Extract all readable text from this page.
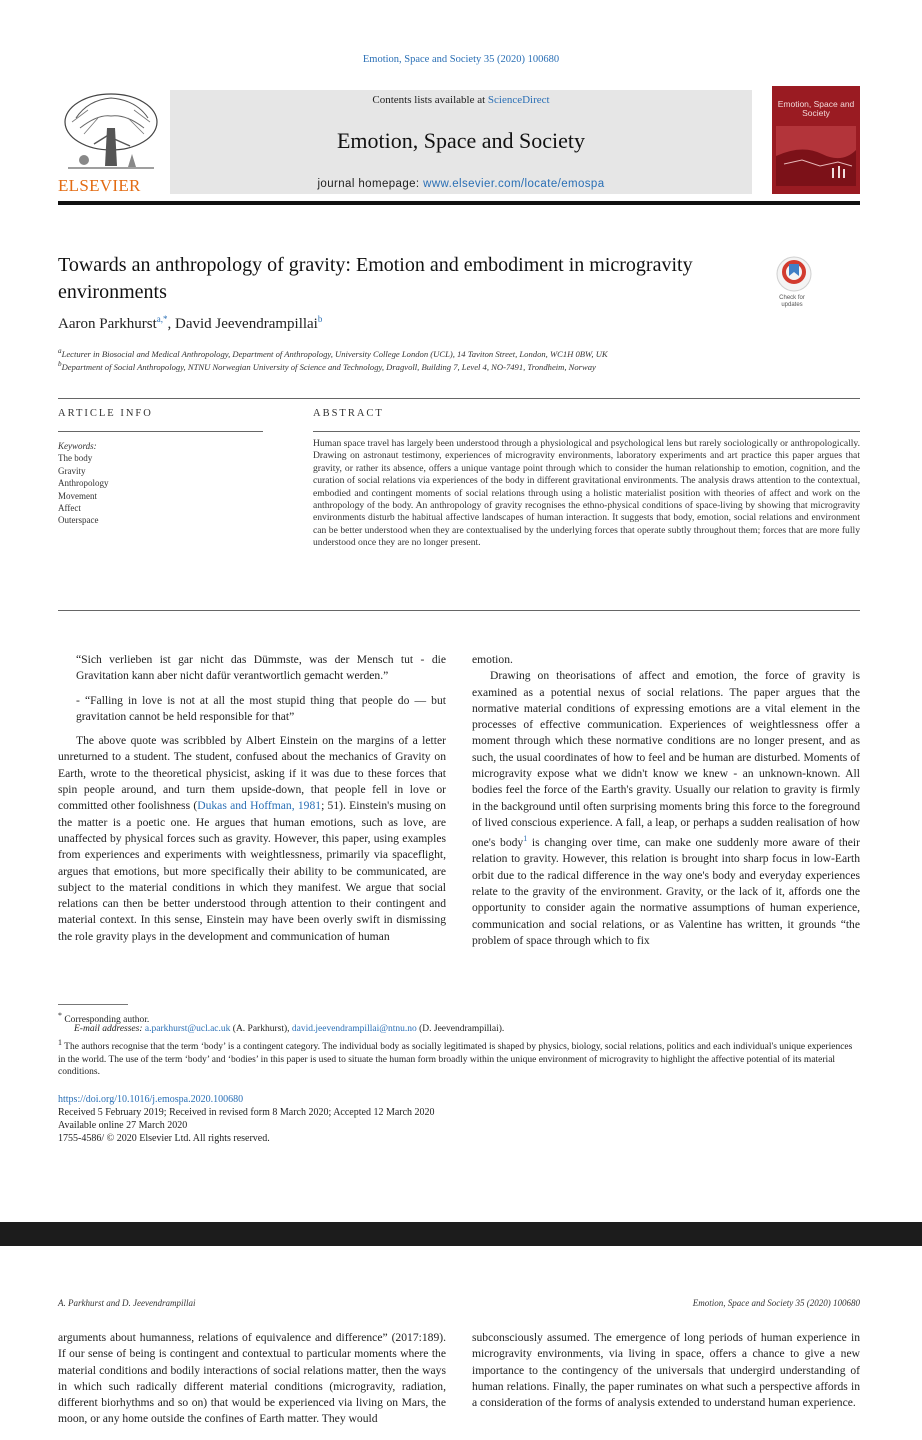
Emotion, Space and Society 35 (2020) 100680
ELSEVIER
Contents lists available at ScienceDirect
Emotion, Space and Society
journal homepage: www.elsevier.com/locate/emospa
Emotion, Space and Society
Towards an anthropology of gravity: Emotion and embodiment in microgravity environments	Check for updates
Aaron Parkhurst$^{a,*}$, David Jeevendrampillai$^b$
$^a$Lecturer in Biosocial and Medical Anthropology, Department of Anthropology, University College London (UCL), 14 Taviton Street, London, WC1H 0BW, UK
$^b$Department of Social Anthropology, NTNU Norwegian University of Science and Technology, Dragvoll, Building 7, Level 4, NO-7491, Trondheim, Norway
ARTICLE INFO	ABSTRACT
Keywords:
The body
Gravity
Anthropology
Movement
Affect
Outerspace
Human space travel has largely been understood through a physiological and psychological lens but rarely sociologically or anthropologically. Drawing on astronaut testimony, experiences of microgravity environments, laboratory experiments and art practice this paper argues that gravity, or rather its absence, offers a unique vantage point through which to consider the human relationship to emotion, cognition, and the curation of social relations via experiences of the body in different gravitational environments. The analysis draws attention to the contextual, embodied and contingent moments of social relations through using a holistic materialist position with theories of affect and work on the anthropology of the body. An anthropology of gravity recognises the ethno-physical conditions of space-living by showing that microgravity environments disturb the habitual affective landscapes of human interaction. It suggests that body, emotion, social relations and environment can be better understood when they are contextualised by the underlying forces that operate subtly throughout them; forces that are more fully understood once they are no longer present.

“Sich verlieben ist gar nicht das Dümmste, was der Mensch tut - die Gravitation kann aber nicht dafür verantwortlich gemacht werden.”

- “Falling in love is not at all the most stupid thing that people do — but gravitation cannot be held responsible for that”

The above quote was scribbled by Albert Einstein on the margins of a letter unreturned to a student. The student, confused about the mechanics of Gravity on Earth, wrote to the theoretical physicist, asking if it was due to these forces that spin people around, and turn them upside-down, that people fell in love or committed other foolishness (Dukas and Hoffman, 1981; 51). Einstein's musing on the matter is a poetic one. He argues that human emotions, such as love, are unaffected by physical forces such as gravity. However, this paper, using examples from experiences and experiments with weightlessness, primarily via spaceflight, argues that emotions, but more specifically their ability to be communicated, are subject to the material conditions in which they manifest. We argue that social relations can then be better understood through attention to their contingent and material context. In this sense, Einstein may have been overly swift in dismissing the role gravity plays in the development and communication of human

emotion.

Drawing on theorisations of affect and emotion, the force of gravity is examined as a potential nexus of social relations. The paper argues that the normative material conditions of expressing emotions are a vital element in the processes of effective communication. Experiences of weightlessness offer a moment through which these normative conditions are no longer present, and as such, the usual coordinates of how to feel and be human are disturbed. Moments of microgravity expose what we didn't know we knew - an unknown-known. All bodies feel the force of the Earth's gravity. Usually our relation to gravity is firmly in the background until often surprising moments bring this force to the foreground of lived conscious experience. A fall, a leap, or perhaps a sudden realisation of how one's body$^1$ is changing over time, can make one suddenly more aware of their relation to gravity. However, this relation is brought into sharp focus in low-Earth orbit due to the radical difference in the way one's body and everyday experiences relate to the gravity of the environment. Gravity, or the lack of it, affords one the opportunity to consider again the normative assumptions of human experience, communication and social relations, or as Valentine has written, it grounds “the problem of space through which to fix

* Corresponding author.
E-mail addresses: a.parkhurst@ucl.ac.uk (A. Parkhurst), david.jeevendrampillai@ntnu.no (D. Jeevendrampillai).
$^1$ The authors recognise that the term ‘body’ is a contingent category. The individual body as socially legitimated is shaped by physics, biology, social relations, politics and each individual's unique experiences in the world. The use of the term ‘body’ and ‘bodies’ in this paper is used to situate the human form broadly within the unique environment of microgravity to highlight the affective potential of its material conditions.
https://doi.org/10.1016/j.emospa.2020.100680
Received 5 February 2019; Received in revised form 8 March 2020; Accepted 12 March 2020
Available online 27 March 2020
1755-4586/ © 2020 Elsevier Ltd. All rights reserved.
A. Parkhurst and D. Jeevendrampillai	Emotion, Space and Society 35 (2020) 100680
arguments about humanness, relations of equivalence and difference” (2017:189). If our sense of being is contingent and contextual to particular moments where the material conditions and bodily interactions of social relations matter, then the ways in which such radically different material conditions (microgravity, radiation, different biorhythms and so on) that would be experienced via living on Mars, the moon, or any home outside the confines of Earth matter. They would
subconsciously assumed. The emergence of long periods of human experience in microgravity environments, via living in space, offers a chance to give a new importance to the contingency of the universals that undergird understanding of human relations. Finally, the paper ruminates on what such a perspective affords in a consideration of the forms of analysis extended to understand human experience.
